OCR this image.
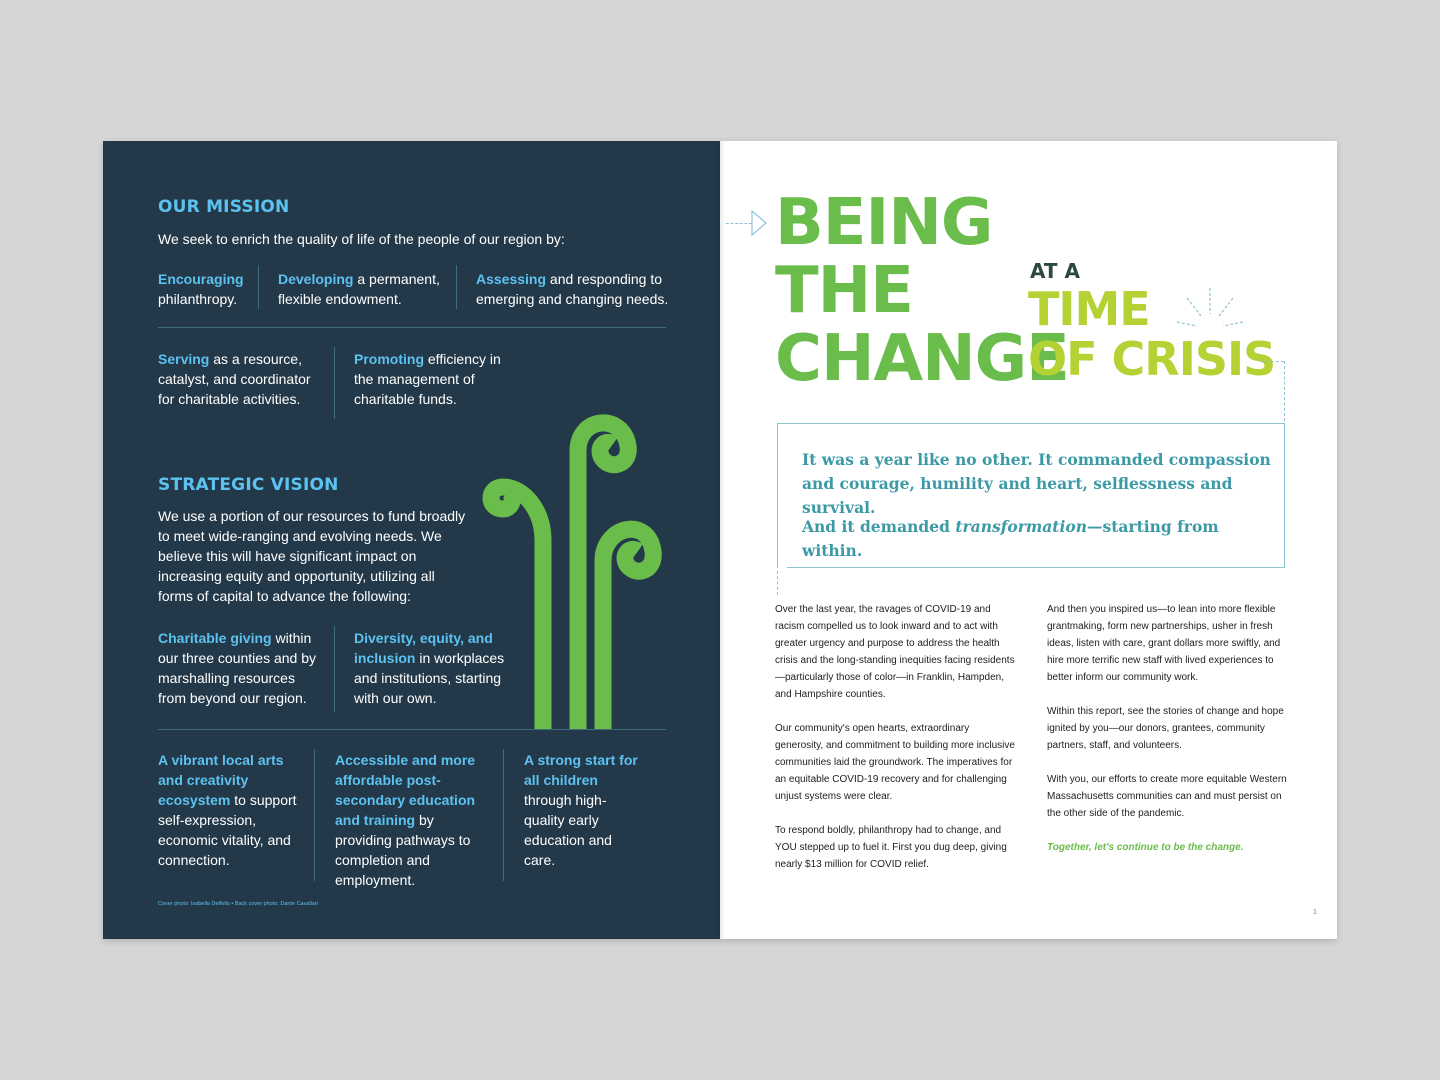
OUR MISSION
We seek to enrich the quality of life of the people of our region by:
Encouraging philanthropy.
Developing a permanent, flexible endowment.
Assessing and responding to emerging and changing needs.
Serving as a resource, catalyst, and coordinator for charitable activities.
Promoting efficiency in the management of charitable funds.
STRATEGIC VISION
We use a portion of our resources to fund broadly to meet wide-ranging and evolving needs. We believe this will have significant impact on increasing equity and opportunity, utilizing all forms of capital to advance the following:
Charitable giving within our three counties and by marshalling resources from beyond our region.
Diversity, equity, and inclusion in workplaces and institutions, starting with our own.
A vibrant local arts and creativity ecosystem to support self-expression, economic vitality, and connection.
Accessible and more affordable post-secondary education and training by providing pathways to completion and employment.
A strong start for all children through high-quality early education and care.
Cover photo: Isabella Delfolio • Back cover photo: Dante Cavallari
BEING
THE
CHANGE
AT A
TIME
OF CRISIS
It was a year like no other. It commanded compassion and courage, humility and heart, selflessness and survival.
And it demanded transformation—starting from within.

Over the last year, the ravages of COVID-19 and racism compelled us to look inward and to act with greater urgency and purpose to address the health crisis and the long-standing inequities facing residents—particularly those of color—in Franklin, Hampden, and Hampshire counties.

Our community's open hearts, extraordinary generosity, and commitment to building more inclusive communities laid the groundwork. The imperatives for an equitable COVID-19 recovery and for challenging unjust systems were clear.

To respond boldly, philanthropy had to change, and YOU stepped up to fuel it. First you dug deep, giving nearly $13 million for COVID relief.

And then you inspired us—to lean into more flexible grantmaking, form new partnerships, usher in fresh ideas, listen with care, grant dollars more swiftly, and hire more terrific new staff with lived experiences to better inform our community work.

Within this report, see the stories of change and hope ignited by you—our donors, grantees, community partners, staff, and volunteers.

With you, our efforts to create more equitable Western Massachusetts communities can and must persist on the other side of the pandemic.

Together, let's continue to be the change.

1
